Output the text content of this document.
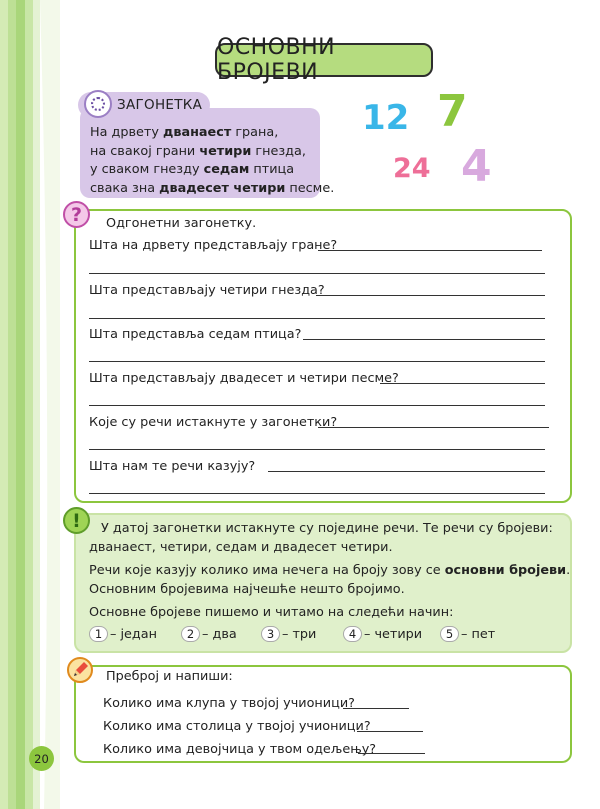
ОСНОВНИ БРОЈЕВИ
ЗАГОНЕТКА
На дрвету дванаест грана,
на свакој грани четири гнезда,
у сваком гнезду седам птица
свака зна двадесет четири песме.
12 7
24 4
?	Одгонетни загонетку.
Шта на дрвету представљају гране?
Шта представљају четири гнезда?
Шта представља седам птица?
Шта представљају двадесет и четири песме?
Које су речи истакнуте у загонетки?
Шта нам те речи казују?
!	У датој загонетки истакнуте су поједине речи. Те речи су бројеви:
дванаест, четири, седам и двадесет четири.
Речи које казују колико има нечега на броју зову се основни бројеви.
Основним бројевима најчешће нешто бројимо.
Основне бројеве пишемо и читамо на следећи начин:
1 – један	2 – два	3 – три	4 – четири	5 – пет
Преброј и напиши:
Колико има клупа у твојој учионици?
Колико има столица у твојој учионици?
Колико има девојчица у твом одељењу?
20
